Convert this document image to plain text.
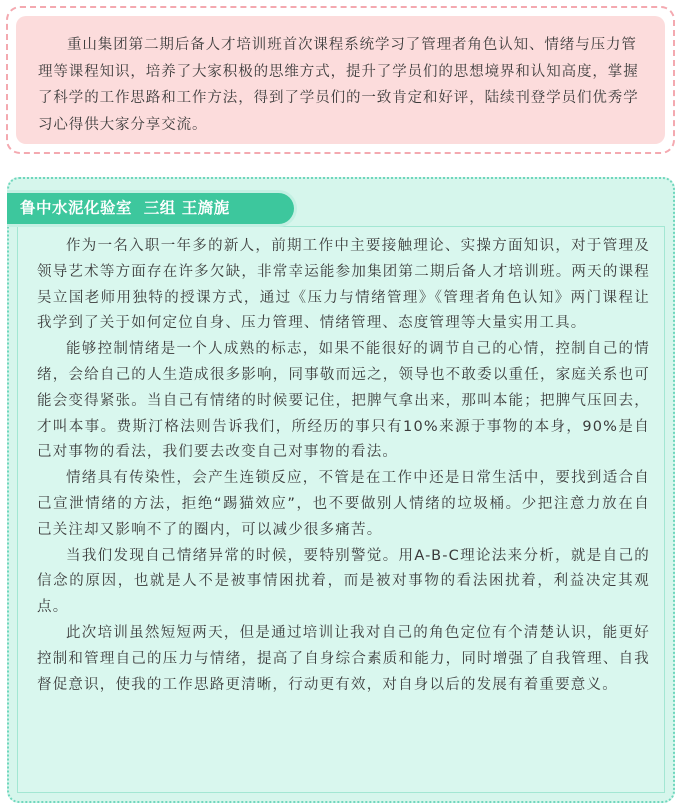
重山集团第二期后备人才培训班首次课程系统学习了管理者角色认知、情绪与压力管理等课程知识，培养了大家积极的思维方式，提升了学员们的思想境界和认知高度，掌握了科学的工作思路和工作方法，得到了学员们的一致肯定和好评，陆续刊登学员们优秀学习心得供大家分享交流。

作为一名入职一年多的新人，前期工作中主要接触理论、实操方面知识，对于管理及领导艺术等方面存在许多欠缺，非常幸运能参加集团第二期后备人才培训班。两天的课程吴立国老师用独特的授课方式，通过《压力与情绪管理》《管理者角色认知》两门课程让我学到了关于如何定位自身、压力管理、情绪管理、态度管理等大量实用工具。

能够控制情绪是一个人成熟的标志，如果不能很好的调节自己的心情，控制自己的情绪，会给自己的人生造成很多影响，同事敬而远之，领导也不敢委以重任，家庭关系也可能会变得紧张。当自己有情绪的时候要记住，把脾气拿出来，那叫本能；把脾气压回去，才叫本事。费斯汀格法则告诉我们，所经历的事只有10%来源于事物的本身，90%是自己对事物的看法，我们要去改变自己对事物的看法。

情绪具有传染性，会产生连锁反应，不管是在工作中还是日常生活中，要找到适合自己宣泄情绪的方法，拒绝“踢猫效应”，也不要做别人情绪的垃圾桶。少把注意力放在自己关注却又影响不了的圈内，可以减少很多痛苦。

当我们发现自己情绪异常的时候，要特别警觉。用A-B-C理论法来分析，就是自己的信念的原因，也就是人不是被事情困扰着，而是被对事物的看法困扰着，利益决定其观点。

此次培训虽然短短两天，但是通过培训让我对自己的角色定位有个清楚认识，能更好控制和管理自己的压力与情绪，提高了自身综合素质和能力，同时增强了自我管理、自我督促意识，使我的工作思路更清晰，行动更有效，对自身以后的发展有着重要意义。

鲁中水泥化验室  三组 王旖旎
